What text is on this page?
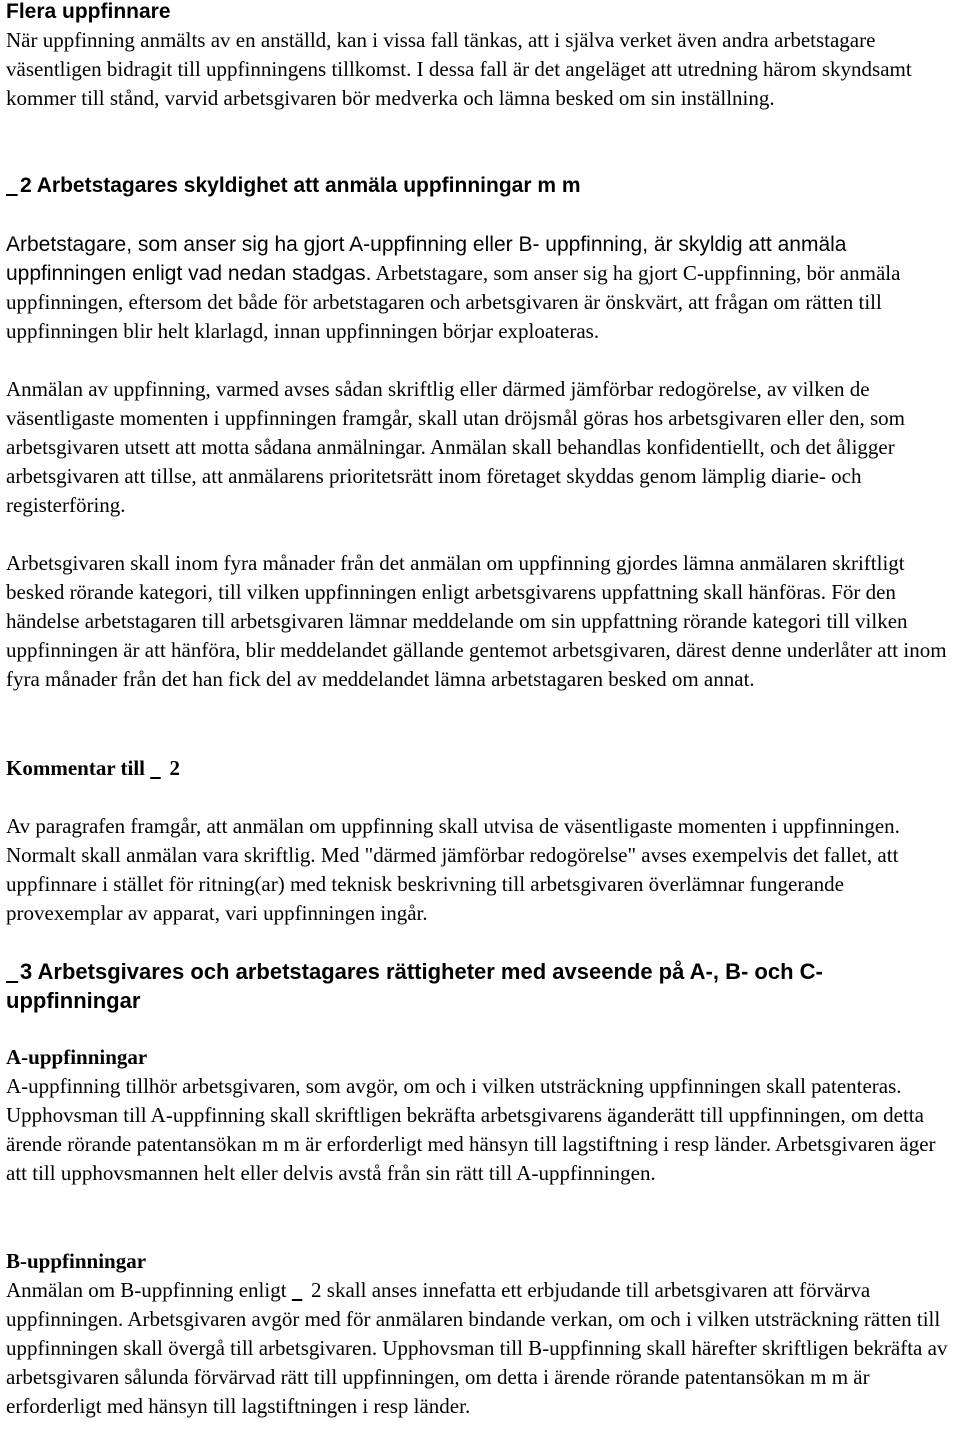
Flera uppfinnare

När uppfinning anmälts av en anställd, kan i vissa fall tänkas, att i själva verket även andra arbetstagare väsentligen bidragit till uppfinningens tillkomst. I dessa fall är det angeläget att utredning härom skyndsamt kommer till stånd, varvid arbetsgivaren bör medverka och lämna besked om sin inställning.

2 Arbetstagares skyldighet att anmäla uppfinningar m m

Arbetstagare, som anser sig ha gjort A-uppfinning eller B- uppfinning, är skyldig att anmäla uppfinningen enligt vad nedan stadgas. Arbetstagare, som anser sig ha gjort C-uppfinning, bör anmäla uppfinningen, eftersom det både för arbetstagaren och arbetsgivaren är önskvärt, att frågan om rätten till uppfinningen blir helt klarlagd, innan uppfinningen börjar exploateras.

Anmälan av uppfinning, varmed avses sådan skriftlig eller därmed jämförbar redogörelse, av vilken de väsentligaste momenten i uppfinningen framgår, skall utan dröjsmål göras hos arbetsgivaren eller den, som arbetsgivaren utsett att motta sådana anmälningar. Anmälan skall behandlas konfidentiellt, och det åligger arbetsgivaren att tillse, att anmälarens prioritetsrätt inom företaget skyddas genom lämplig diarie- och registerföring.

Arbetsgivaren skall inom fyra månader från det anmälan om uppfinning gjordes lämna anmälaren skriftligt besked rörande kategori, till vilken uppfinningen enligt arbetsgivarens uppfattning skall hänföras. För den händelse arbetstagaren till arbetsgivaren lämnar meddelande om sin uppfattning rörande kategori till vilken uppfinningen är att hänföra, blir meddelandet gällande gentemot arbetsgivaren, därest denne underlåter att inom fyra månader från det han fick del av meddelandet lämna arbetstagaren besked om annat.

Kommentar till    2

Av paragrafen framgår, att anmälan om uppfinning skall utvisa de väsentligaste momenten i uppfinningen. Normalt skall anmälan vara skriftlig. Med "därmed jämförbar redogörelse" avses exempelvis det fallet, att uppfinnare i stället för ritning(ar) med teknisk beskrivning till arbetsgivaren överlämnar fungerande provexemplar av apparat, vari uppfinningen ingår.

3 Arbetsgivares och arbetstagares rättigheter med avseende på A-, B- och C-uppfinningar

A-uppfinningar

A-uppfinning tillhör arbetsgivaren, som avgör, om och i vilken utsträckning uppfinningen skall patenteras. Upphovsman till A-uppfinning skall skriftligen bekräfta arbetsgivarens äganderätt till uppfinningen, om detta ärende rörande patentansökan m m är erforderligt med hänsyn till lagstiftning i resp länder. Arbetsgivaren äger att till upphovsmannen helt eller delvis avstå från sin rätt till A-uppfinningen.

B-uppfinningar

Anmälan om B-uppfinning enligt    2 skall anses innefatta ett erbjudande till arbetsgivaren att förvärva uppfinningen. Arbetsgivaren avgör med för anmälaren bindande verkan, om och i vilken utsträckning rätten till uppfinningen skall övergå till arbetsgivaren. Upphovsman till B-uppfinning skall härefter skriftligen bekräfta av arbetsgivaren sålunda förvärvad rätt till uppfinningen, om detta i ärende rörande patentansökan m m är erforderligt med hänsyn till lagstiftningen i resp länder.
